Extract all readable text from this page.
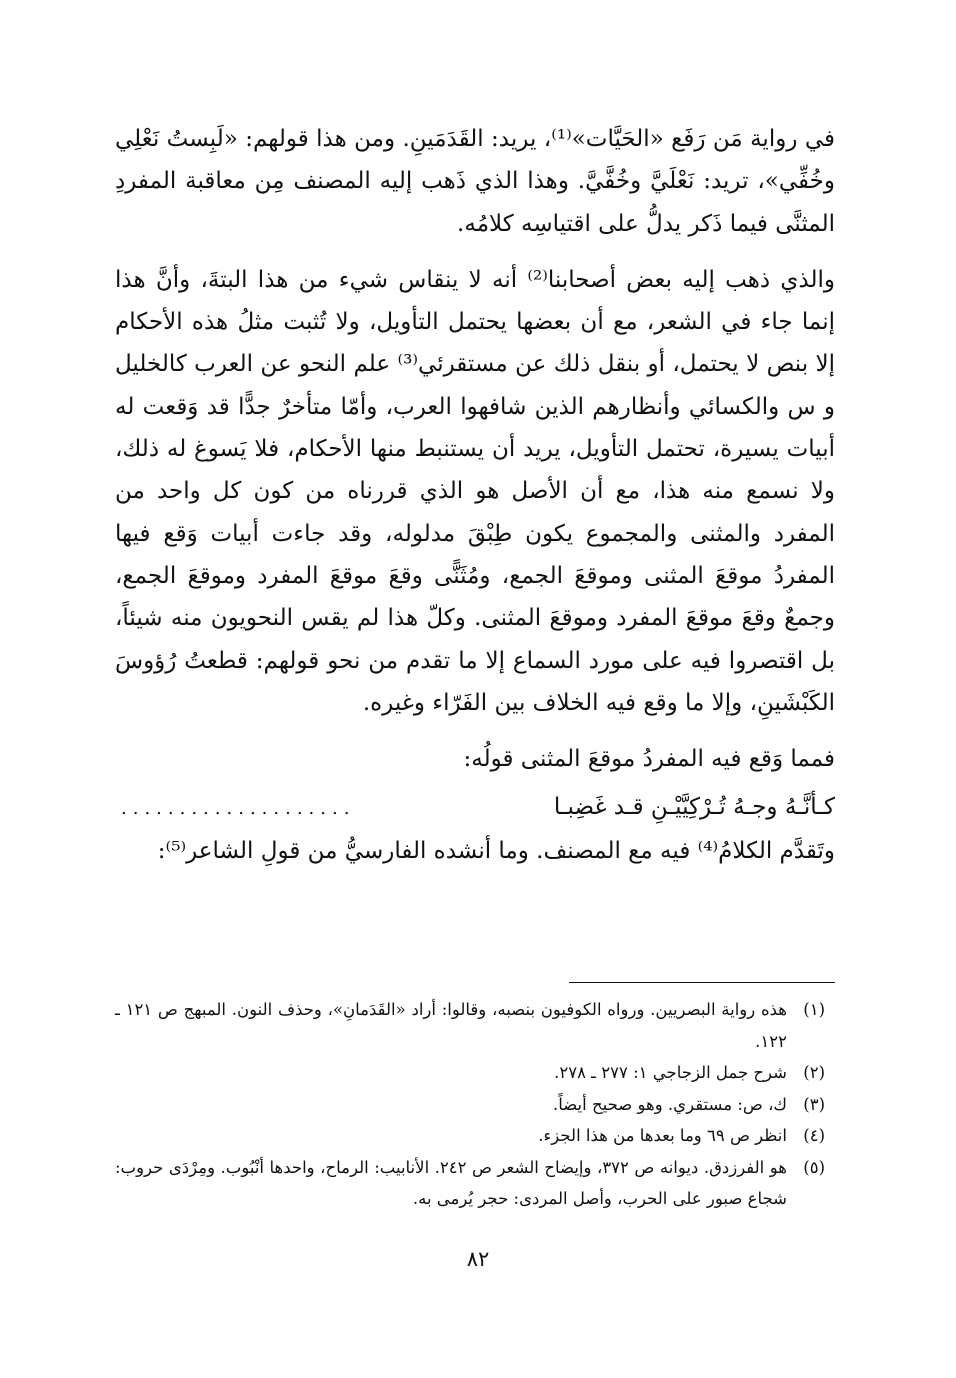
في رواية مَن رَفَع «الحَيَّات»⁽¹⁾، يريد: القَدَمَينِ. ومن هذا قولهم: «لَبِستُ نَعْلِي وخُفِّي»، تريد: نَعْلَيَّ وخُفَّيَّ. وهذا الذي ذَهب إليه المصنف مِن معاقبة المفردِ المثنَّى فيما ذَكر يدلُّ على اقتياسِه كلامُه.

والذي ذهب إليه بعض أصحابنا⁽²⁾ أنه لا ينقاس شيء من هذا البتةَ، وأنَّ هذا إنما جاء في الشعر، مع أن بعضها يحتمل التأويل، ولا تُثبت مثلُ هذه الأحكام إلا بنص لا يحتمل، أو بنقل ذلك عن مستقرئي⁽³⁾ علم النحو عن العرب كالخليل و س والكسائي وأنظارهم الذين شافهوا العرب، وأمّا متأخرٌ جدًّا قد وَقعت له أبيات يسيرة، تحتمل التأويل، يريد أن يستنبط منها الأحكام، فلا يَسوغ له ذلك، ولا نسمع منه هذا، مع أن الأصل هو الذي قررناه من كون كل واحد من المفرد والمثنى والمجموع يكون طِبْقَ مدلوله، وقد جاءت أبيات وَقع فيها المفردُ موقعَ المثنى وموقعَ الجمع، ومُثَنًّى وقعَ موقعَ المفرد وموقعَ الجمع، وجمعٌ وقعَ موقعَ المفرد وموقعَ المثنى. وكلّ هذا لم يقس النحويون منه شيئاً، بل اقتصروا فيه على مورد السماع إلا ما تقدم من نحو قولهم: قطعتُ رُؤوسَ الكَبْشَينِ، وإلا ما وقع فيه الخلاف بين الفَرّاء وغيره.

فمما وَقع فيه المفردُ موقعَ المثنى قولُه:

كـأنَّـهُ وجـهُ تُـرْكِيَّيْـنِ قـد غَضِبـا
....................

وتَقدَّم الكلامُ⁽⁴⁾ فيه مع المصنف. وما أنشده الفارسيُّ من قولِ الشاعر⁽⁵⁾:

(١)
هذه رواية البصريين. ورواه الكوفيون بنصبه، وقالوا: أراد «القَدَمانِ»، وحذف النون. المبهج ص ١٢١ ـ ١٢٢.
(٢)
شرح جمل الزجاجي ١: ٢٧٧ ـ ٢٧٨.
(٣)
ك، ص: مستقري. وهو صحيح أيضاً.
(٤)
انظر ص ٦٩ وما بعدها من هذا الجزء.
(٥)
هو الفرزدق. ديوانه ص ٣٧٢، وإيضاح الشعر ص ٢٤٢. الأنابيب: الرماح، واحدها أنْبُوب. ومِرْدَى حروب: شجاع صبور على الحرب، وأصل المردى: حجر يُرمى به.
٨٢
